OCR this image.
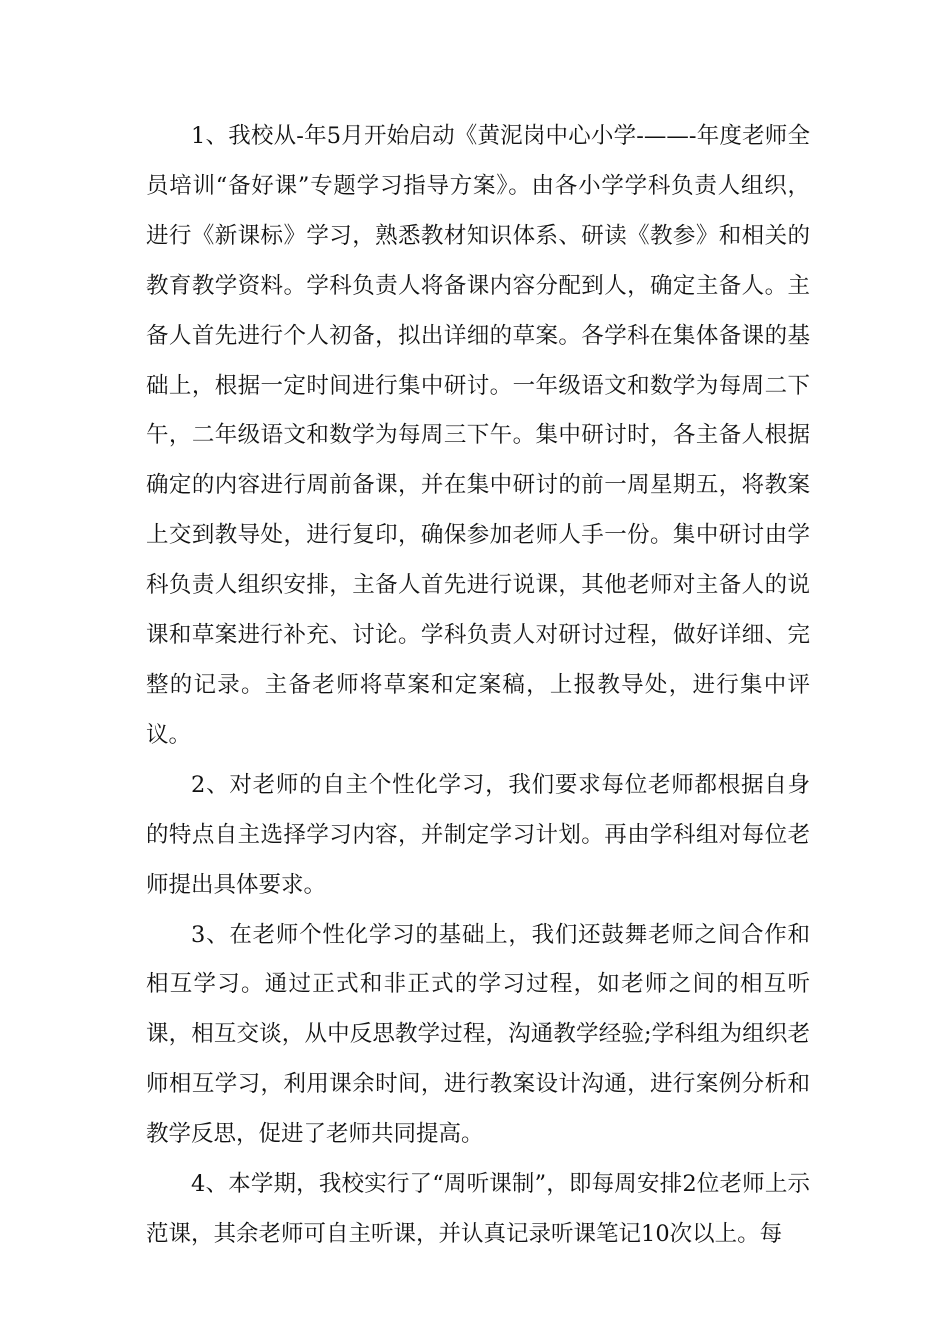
1、我校从-年5月开始启动《黄泥岗中心小学-——-年度老师全员培训“备好课”专题学习指导方案》。由各小学学科负责人组织，进行《新课标》学习，熟悉教材知识体系、研读《教参》和相关的教育教学资料。学科负责人将备课内容分配到人，确定主备人。主备人首先进行个人初备，拟出详细的草案。各学科在集体备课的基础上，根据一定时间进行集中研讨。一年级语文和数学为每周二下午，二年级语文和数学为每周三下午。集中研讨时，各主备人根据确定的内容进行周前备课，并在集中研讨的前一周星期五，将教案上交到教导处，进行复印，确保参加老师人手一份。集中研讨由学科负责人组织安排，主备人首先进行说课，其他老师对主备人的说课和草案进行补充、讨论。学科负责人对研讨过程，做好详细、完整的记录。主备老师将草案和定案稿，上报教导处，进行集中评议。

2、对老师的自主个性化学习，我们要求每位老师都根据自身的特点自主选择学习内容，并制定学习计划。再由学科组对每位老师提出具体要求。

3、在老师个性化学习的基础上，我们还鼓舞老师之间合作和相互学习。通过正式和非正式的学习过程，如老师之间的相互听课，相互交谈，从中反思教学过程，沟通教学经验;学科组为组织老师相互学习，利用课余时间，进行教案设计沟通，进行案例分析和教学反思，促进了老师共同提高。

4、本学期，我校实行了“周听课制”，即每周安排2位老师上示范课，其余老师可自主听课，并认真记录听课笔记10次以上。每
